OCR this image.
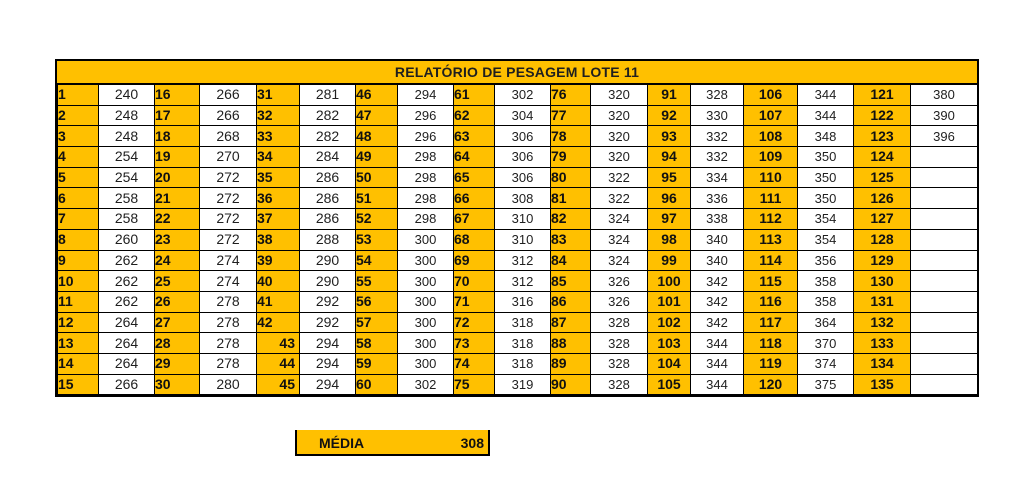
RELATÓRIO DE PESAGEM LOTE 11
1	240	16	266	31	281	46	294	61	302	76	320	91	328	106	344	121	380
2	248	17	266	32	282	47	296	62	304	77	320	92	330	107	344	122	390
3	248	18	268	33	282	48	296	63	306	78	320	93	332	108	348	123	396
4	254	19	270	34	284	49	298	64	306	79	320	94	332	109	350	124	
5	254	20	272	35	286	50	298	65	306	80	322	95	334	110	350	125	
6	258	21	272	36	286	51	298	66	308	81	322	96	336	111	350	126	
7	258	22	272	37	286	52	298	67	310	82	324	97	338	112	354	127	
8	260	23	272	38	288	53	300	68	310	83	324	98	340	113	354	128	
9	262	24	274	39	290	54	300	69	312	84	324	99	340	114	356	129	
10	262	25	274	40	290	55	300	70	312	85	326	100	342	115	358	130	
11	262	26	278	41	292	56	300	71	316	86	326	101	342	116	358	131	
12	264	27	278	42	292	57	300	72	318	87	328	102	342	117	364	132	
13	264	28	278	43	294	58	300	73	318	88	328	103	344	118	370	133	
14	264	29	278	44	294	59	300	74	318	89	328	104	344	119	374	134	
15	266	30	280	45	294	60	302	75	319	90	328	105	344	120	375	135	
MÉDIA	308
